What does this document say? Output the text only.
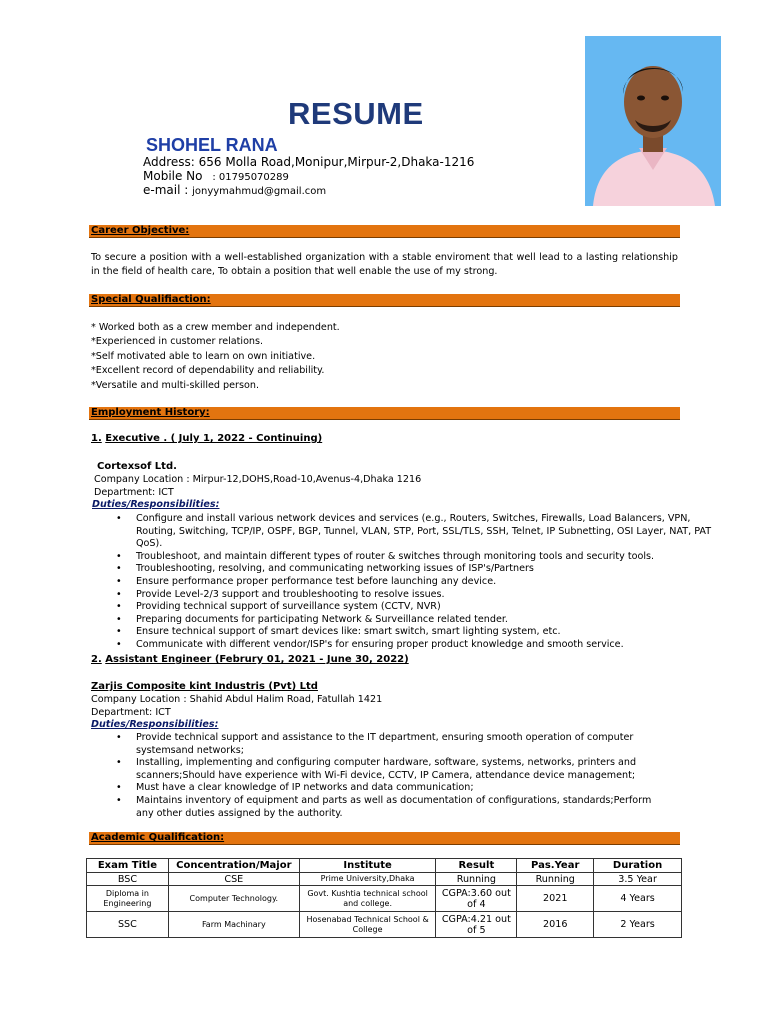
RESUME
SHOHEL RANA
Address: 656 Molla Road,Monipur,Mirpur-2,Dhaka-1216
Mobile No : 01795070289
e-mail : jonyymahmud@gmail.com
Career Objective:
To secure a position with a well-established organization with a stable enviroment that well lead to a lasting relationship in the field of health care, To obtain a position that well enable the use of my strong.
Special Qualifiaction:
* Worked both as a crew member and independent.
*Experienced in customer relations.
*Self motivated able to learn on own initiative.
*Excellent record of dependability and reliability.
*Versatile and multi-skilled person.
Employment History:
1. Executive . ( July 1, 2022 - Continuing)
Cortexsof Ltd.
Company Location : Mirpur-12,DOHS,Road-10,Avenus-4,Dhaka 1216
Department: ICT
Duties/Responsibilities:
• Configure and install various network devices and services (e.g., Routers, Switches, Firewalls, Load Balancers, VPN, Routing, Switching, TCP/IP, OSPF, BGP, Tunnel, VLAN, STP, Port, SSL/TLS, SSH, Telnet, IP Subnetting, OSI Layer, NAT, PAT QoS).
• Troubleshoot, and maintain different types of router & switches through monitoring tools and security tools.
• Troubleshooting, resolving, and communicating networking issues of ISP's/Partners
• Ensure performance proper performance test before launching any device.
• Provide Level-2/3 support and troubleshooting to resolve issues.
• Providing technical support of surveillance system (CCTV, NVR)
• Preparing documents for participating Network & Surveillance related tender.
• Ensure technical support of smart devices like: smart switch, smart lighting system, etc.
• Communicate with different vendor/ISP's for ensuring proper product knowledge and smooth service.
2. Assistant Engineer (Februry 01, 2021 - June 30, 2022)
Zarjis Composite kint Industris (Pvt) Ltd
Company Location : Shahid Abdul Halim Road, Fatullah 1421
Department: ICT
Duties/Responsibilities:
• Provide technical support and assistance to the IT department, ensuring smooth operation of computer systemsand networks;
• Installing, implementing and configuring computer hardware, software, systems, networks, printers and scanners;Should have experience with Wi-Fi device, CCTV, IP Camera, attendance device management;
• Must have a clear knowledge of IP networks and data communication;
• Maintains inventory of equipment and parts as well as documentation of configurations, standards;Perform any other duties assigned by the authority.
Academic Qualification:
Exam Title	Concentration/Major	Institute	Result	Pas.Year	Duration
BSC	CSE	Prime University,Dhaka	Running	Running	3.5 Year
Diploma in Engineering	Computer Technology.	Govt. Kushtia technical school and college.	CGPA:3.60 out of 4	2021	4 Years
SSC	Farm Machinary	Hosenabad Technical School & College	CGPA:4.21 out of 5	2016	2 Years
